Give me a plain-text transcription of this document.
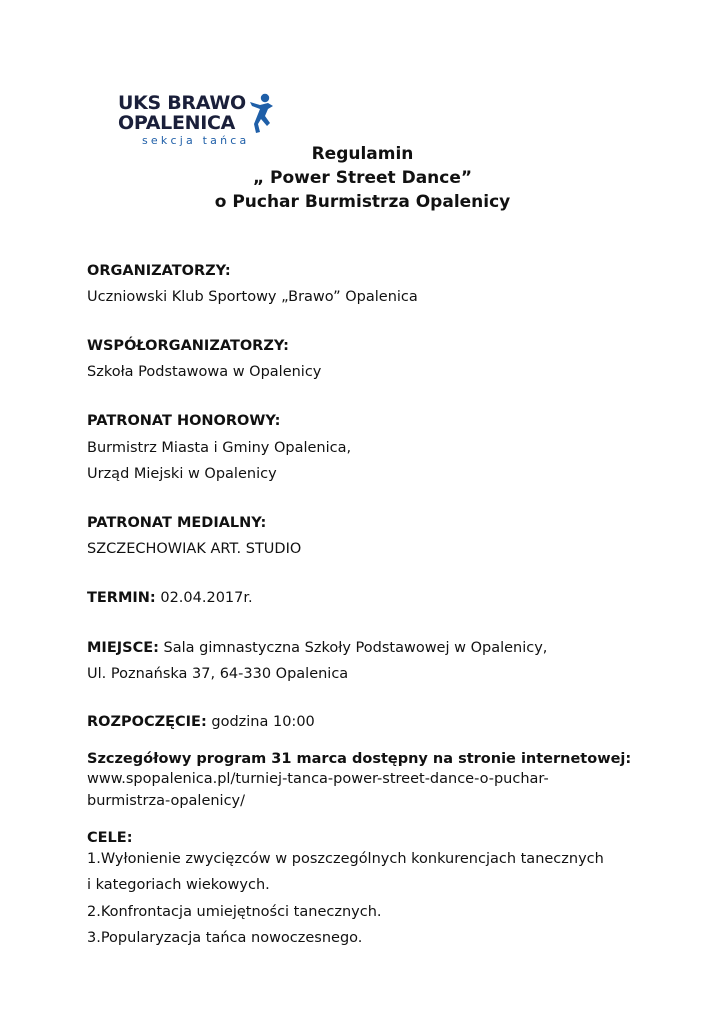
UKS BRAWO
OPALENICA
sekcja tańca
Regulamin
„ Power Street Dance”
o Puchar Burmistrza Opalenicy
ORGANIZATORZY:
Uczniowski Klub Sportowy „Brawo” Opalenica
WSPÓŁORGANIZATORZY:
Szkoła Podstawowa w Opalenicy
PATRONAT HONOROWY:
Burmistrz Miasta i Gminy Opalenica,
Urząd Miejski w Opalenicy
PATRONAT MEDIALNY:
SZCZECHOWIAK ART. STUDIO
TERMIN: 02.04.2017r.
MIEJSCE: Sala gimnastyczna Szkoły Podstawowej w Opalenicy,
Ul. Poznańska 37, 64-330 Opalenica
ROZPOCZĘCIE: godzina 10:00
Szczegółowy program 31 marca dostępny na stronie internetowej:
www.spopalenica.pl/turniej-tanca-power-street-dance-o-puchar-
burmistrza-opalenicy/
CELE:
1.Wyłonienie zwycięzców w poszczególnych konkurencjach tanecznych
i kategoriach wiekowych.
2.Konfrontacja umiejętności tanecznych.
3.Popularyzacja tańca nowoczesnego.
